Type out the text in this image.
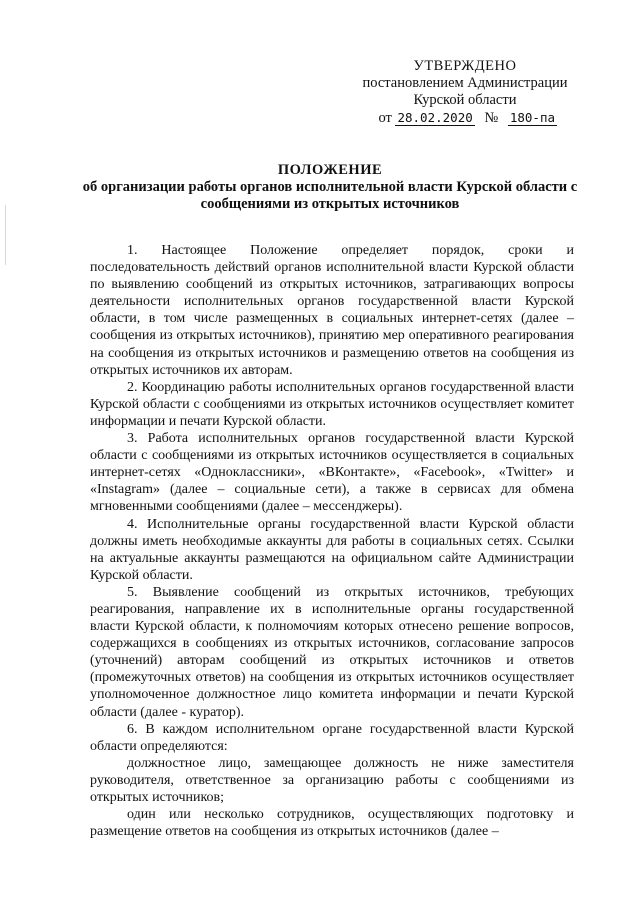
УТВЕРЖДЕНО
постановлением Администрации
Курской области
от 28.02.2020 № 180-па
ПОЛОЖЕНИЕ
об организации работы органов исполнительной власти Курской области с сообщениями из открытых источников

1. Настоящее Положение определяет порядок, сроки и последовательность действий органов исполнительной власти Курской области по выявлению сообщений из открытых источников, затрагивающих вопросы деятельности исполнительных органов государственной власти Курской области, в том числе размещенных в социальных интернет-сетях (далее – сообщения из открытых источников), принятию мер оперативного реагирования на сообщения из открытых источников и размещению ответов на сообщения из открытых источников их авторам.

2. Координацию работы исполнительных органов государственной власти Курской области с сообщениями из открытых источников осуществляет комитет информации и печати Курской области.

3. Работа исполнительных органов государственной власти Курской области с сообщениями из открытых источников осуществляется в социальных интернет-сетях «Одноклассники», «ВКонтакте», «Facebook», «Twitter» и «Instagram» (далее – социальные сети), а также в сервисах для обмена мгновенными сообщениями (далее – мессенджеры).

4. Исполнительные органы государственной власти Курской области должны иметь необходимые аккаунты для работы в социальных сетях. Ссылки на актуальные аккаунты размещаются на официальном сайте Администрации Курской области.

5. Выявление сообщений из открытых источников, требующих реагирования, направление их в исполнительные органы государственной власти Курской области, к полномочиям которых отнесено решение вопросов, содержащихся в сообщениях из открытых источников, согласование запросов (уточнений) авторам сообщений из открытых источников и ответов (промежуточных ответов) на сообщения из открытых источников осуществляет уполномоченное должностное лицо комитета информации и печати Курской области (далее - куратор).

6. В каждом исполнительном органе государственной власти Курской области определяются:

должностное лицо, замещающее должность не ниже заместителя руководителя, ответственное за организацию работы с сообщениями из открытых источников;

один или несколько сотрудников, осуществляющих подготовку и размещение ответов на сообщения из открытых источников (далее –
